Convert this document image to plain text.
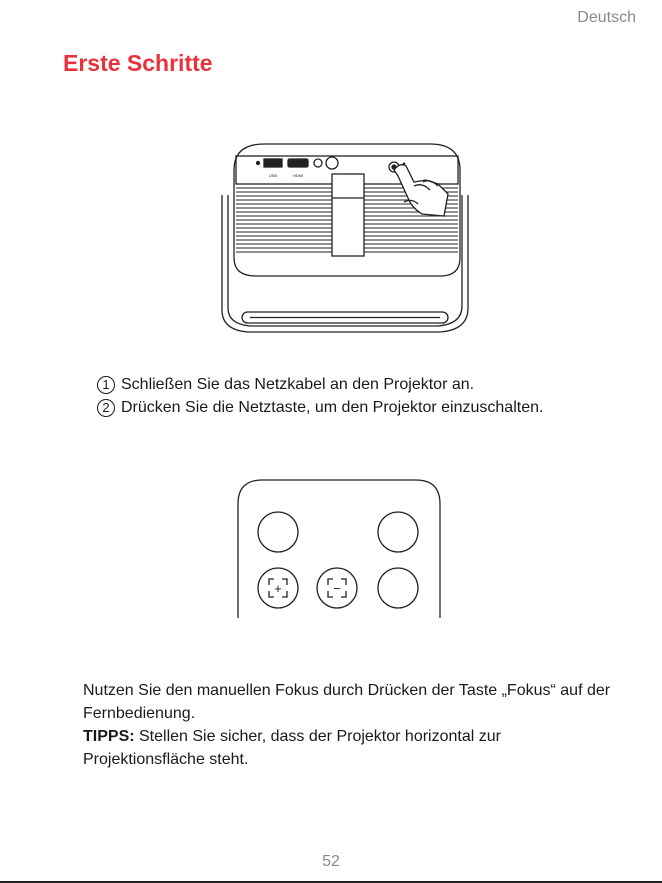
Deutsch
Erste Schritte
USB	HDMI
1 Schließen Sie das Netzkabel an den Projektor an.
2 Drücken Sie die Netztaste, um den Projektor einzuschalten.
+	−

Nutzen Sie den manuellen Fokus durch Drücken der Taste „Fokus“ auf der Fernbedienung.

TIPPS: Stellen Sie sicher, dass der Projektor horizontal zur Projektionsfläche steht.

52
